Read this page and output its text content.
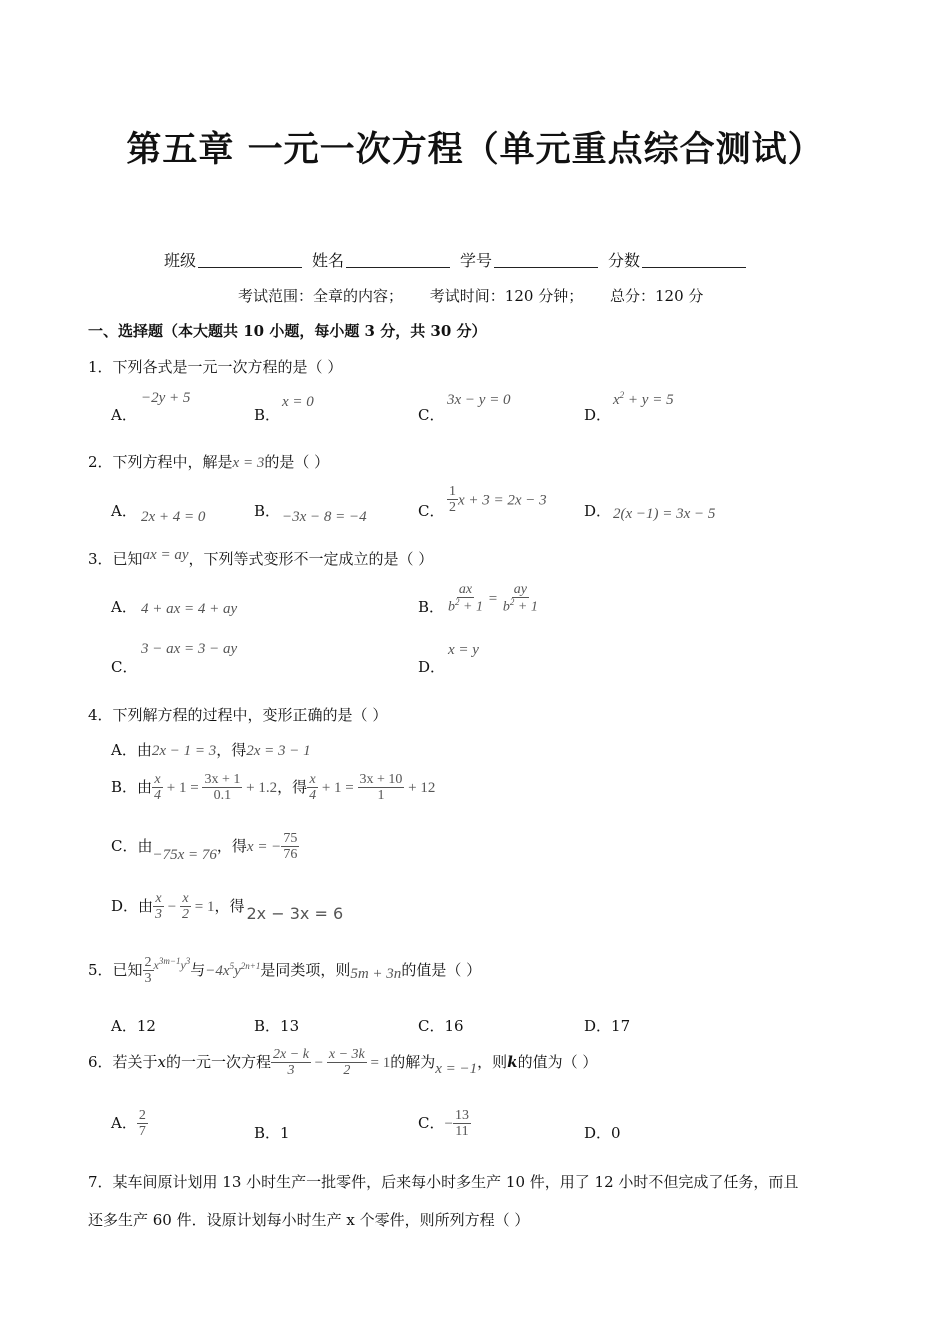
第五章 一元一次方程（单元重点综合测试）
班级	姓名	学号	分数
考试范围：全章的内容； 考试时间：120 分钟； 总分：120 分
一、选择题（本大题共 10 小题，每小题 3 分，共 30 分）
1．下列各式是一元一次方程的是（ ）
A．
−2y + 5
B．
x = 0
C．
3x − y = 0
D．
$x^2 + y = 5$
2．下列方程中，解是x = 3的是（ ）
A． 2x + 4 = 0	B． −3x − 8 = −4	C． $\frac{1}{2}$ x + 3 = 2x − 3
D． 2(x −1) = 3x − 5
3．已知ax = ay，下列等式变形不一定成立的是（ ）
A． 4 + ax = 4 + ay	B． $\frac{ax}{b^2 + 1} = \frac{ay}{b^2 + 1}$
C．
3 − ax = 3 − ay
D．
x = y
4．下列解方程的过程中，变形正确的是（ ）
A．由2x − 1 = 3，得2x = 3 − 1
B．由 $\frac{x}{4} + 1 = \frac{3x + 1}{0.1} + 1.2$，得 $\frac{x}{4} + 1 = \frac{3x + 10}{1} + 12$
C．由−75x = 76，得x = − $\frac{75}{76}$
D．由 $\frac{x}{3} - \frac{x}{2} = 1$，得 2x − 3x = 6
5．已知 $\frac{2}{3} ^{x^{3m-1}y^3}$与$-4x^5y^{2n+1}$是同类项，则5m + 3n的值是（ ）
A．12	B．13	C．16	D．17
6．若关于x的一元一次方程 $\frac{2x - k}{3} - \frac{x - 3k}{2} = 1$的解为x = −1，则k的值为（ ）
A． $\frac{2}{7}$	B．1
C．− $\frac{13}{11}$	D．0
7．某车间原计划用 13 小时生产一批零件，后来每小时多生产 10 件，用了 12 小时不但完成了任务，而且
还多生产 60 件．设原计划每小时生产 x 个零件，则所列方程（ ）
